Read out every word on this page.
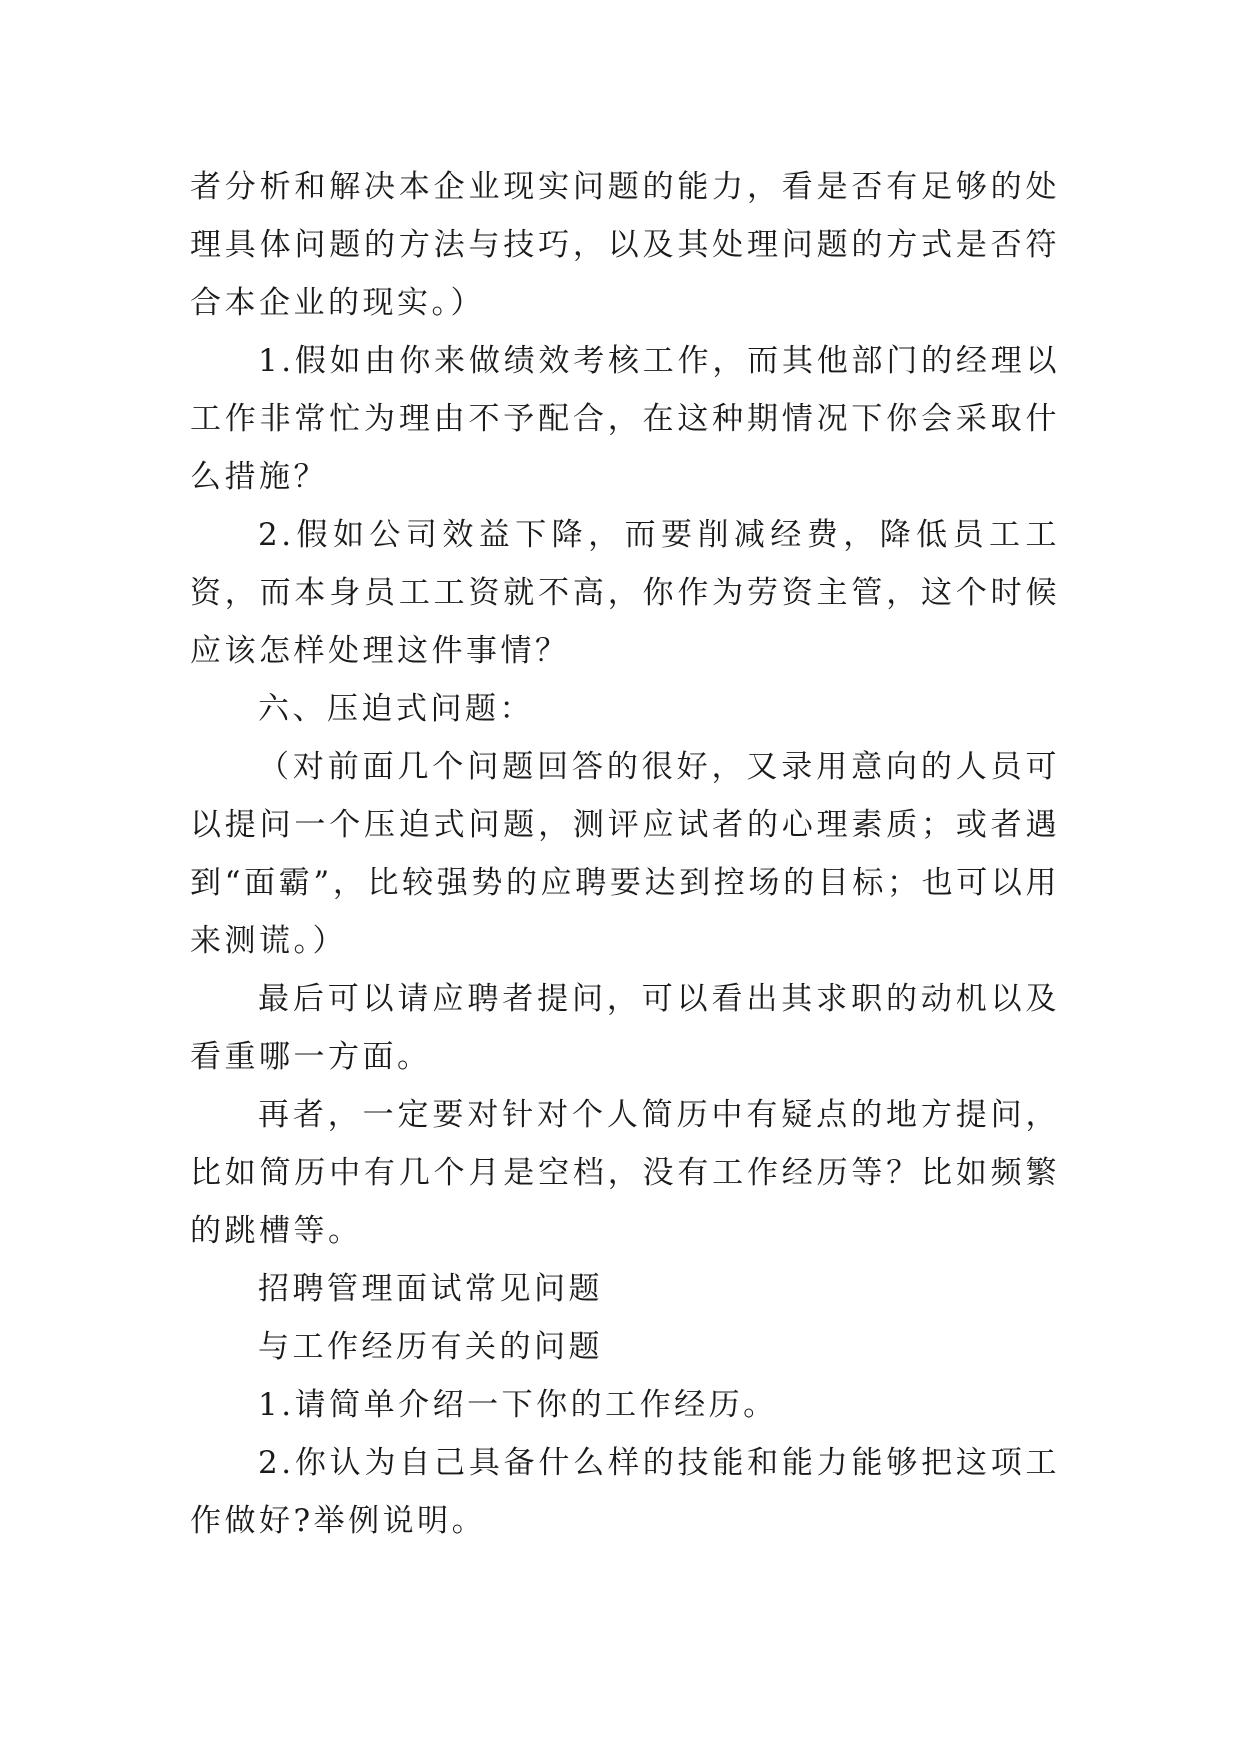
者分析和解决本企业现实问题的能力，看是否有足够的处理具体问题的方法与技巧，以及其处理问题的方式是否符合本企业的现实。）

1.假如由你来做绩效考核工作，而其他部门的经理以工作非常忙为理由不予配合，在这种期情况下你会采取什么措施？

2.假如公司效益下降，而要削减经费，降低员工工资，而本身员工工资就不高，你作为劳资主管，这个时候应该怎样处理这件事情？

六、压迫式问题：

（对前面几个问题回答的很好，又录用意向的人员可以提问一个压迫式问题，测评应试者的心理素质；或者遇到“面霸”，比较强势的应聘要达到控场的目标；也可以用来测谎。）

最后可以请应聘者提问，可以看出其求职的动机以及看重哪一方面。

再者，一定要对针对个人简历中有疑点的地方提问，比如简历中有几个月是空档，没有工作经历等？比如频繁的跳槽等。

招聘管理面试常见问题

与工作经历有关的问题

1.请简单介绍一下你的工作经历。

2.你认为自己具备什么样的技能和能力能够把这项工作做好?举例说明。
